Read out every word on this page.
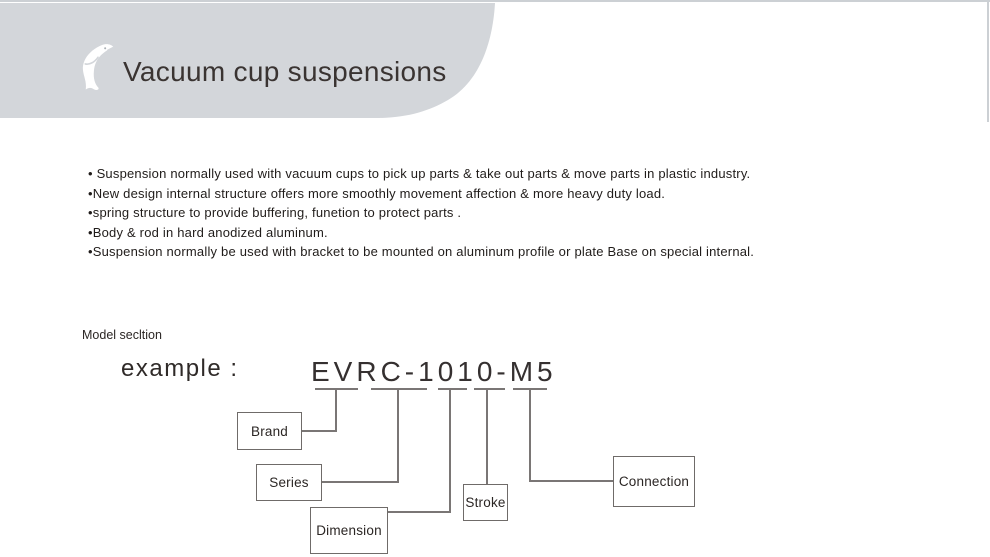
Vacuum cup suspensions
• Suspension normally used with vacuum cups to pick up parts & take out parts & move parts in plastic industry.
•New design internal structure offers more smoothly movement affection & more heavy duty load.
•spring structure to provide buffering, funetion to protect parts .
•Body & rod in hard anodized aluminum.
•Suspension normally be used with bracket to be mounted on aluminum profile or plate Base on special internal.
Model secltion
example :	EVRC-1010-M5
Brand
Series
Dimension
Stroke
Connection
